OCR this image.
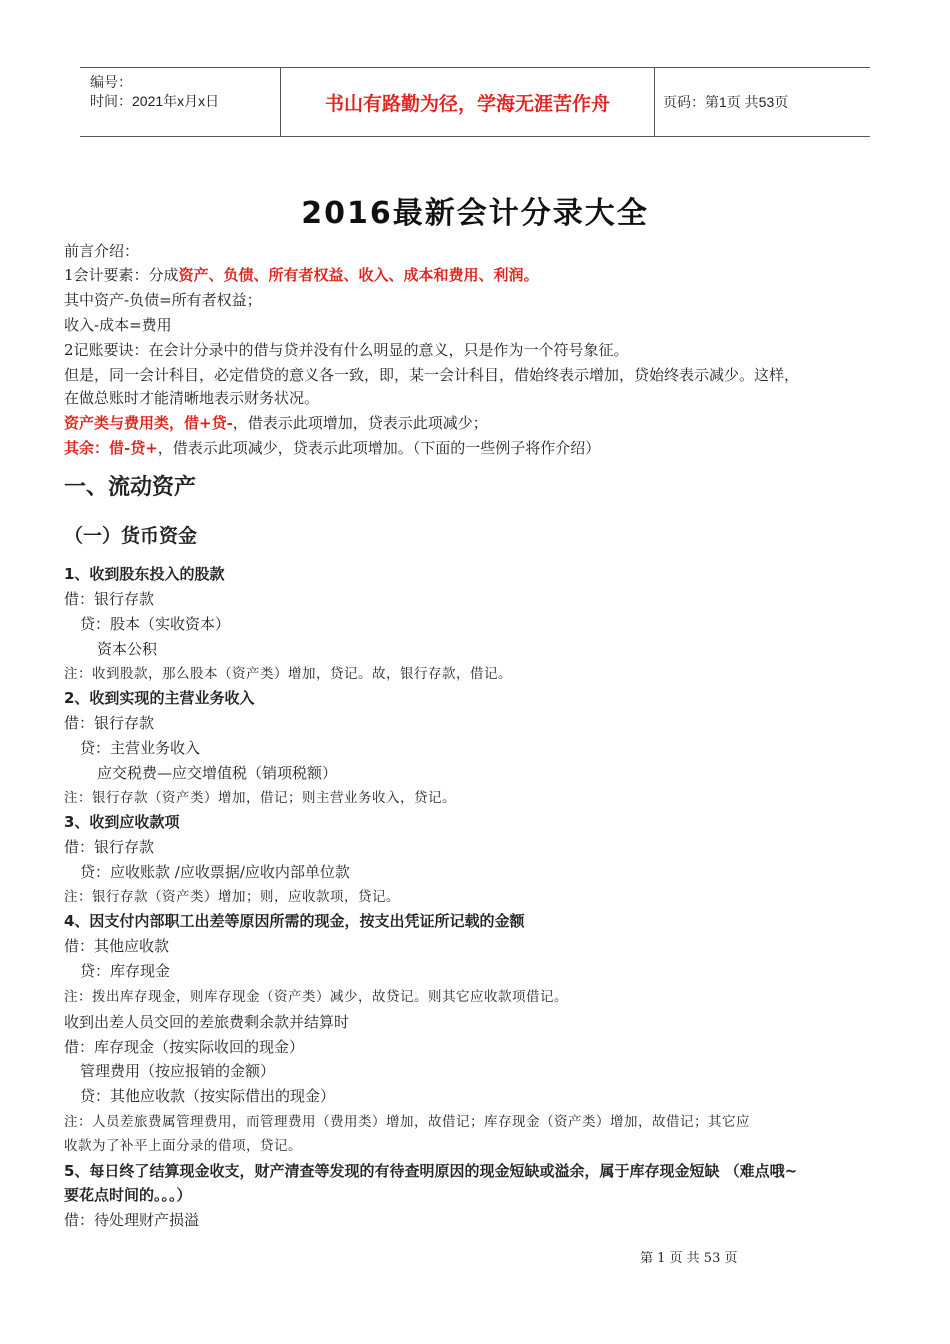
编号：
时间：2021年x月x日	书山有路勤为径，学海无涯苦作舟	页码：第1页 共53页
2016最新会计分录大全
前言介绍：
1会计要素：分成资产、负债、所有者权益、收入、成本和费用、利润。
其中资产-负债=所有者权益；
收入-成本=费用
2记账要诀：在会计分录中的借与贷并没有什么明显的意义，只是作为一个符号象征。
但是，同一会计科目，必定借贷的意义各一致，即，某一会计科目，借始终表示增加，贷始终表示减少。这样，
在做总账时才能清晰地表示财务状况。
资产类与费用类，借+贷-，借表示此项增加，贷表示此项减少；
其余：借-贷+，借表示此项减少，贷表示此项增加。（下面的一些例子将作介绍）
一、流动资产
（一）货币资金
1、收到股东投入的股款
借：银行存款
贷：股本（实收资本）
资本公积
注：收到股款，那么股本（资产类）增加，贷记。故，银行存款，借记。
2、收到实现的主营业务收入
借：银行存款
贷：主营业务收入
应交税费—应交增值税（销项税额）
注：银行存款（资产类）增加，借记；则主营业务收入，贷记。
3、收到应收款项
借：银行存款
贷：应收账款 /应收票据/应收内部单位款
注：银行存款（资产类）增加；则，应收款项，贷记。
4、因支付内部职工出差等原因所需的现金，按支出凭证所记载的金额
借：其他应收款
贷：库存现金
注：拨出库存现金，则库存现金（资产类）减少，故贷记。则其它应收款项借记。
收到出差人员交回的差旅费剩余款并结算时
借：库存现金（按实际收回的现金）
管理费用（按应报销的金额）
贷：其他应收款（按实际借出的现金）
注：人员差旅费属管理费用，而管理费用（费用类）增加，故借记；库存现金（资产类）增加，故借记；其它应
收款为了补平上面分录的借项，贷记。
5、每日终了结算现金收支，财产清查等发现的有待查明原因的现金短缺或溢余，属于库存现金短缺 （难点哦~
要花点时间的。。。）
借：待处理财产损溢
第 1 页 共 53 页
